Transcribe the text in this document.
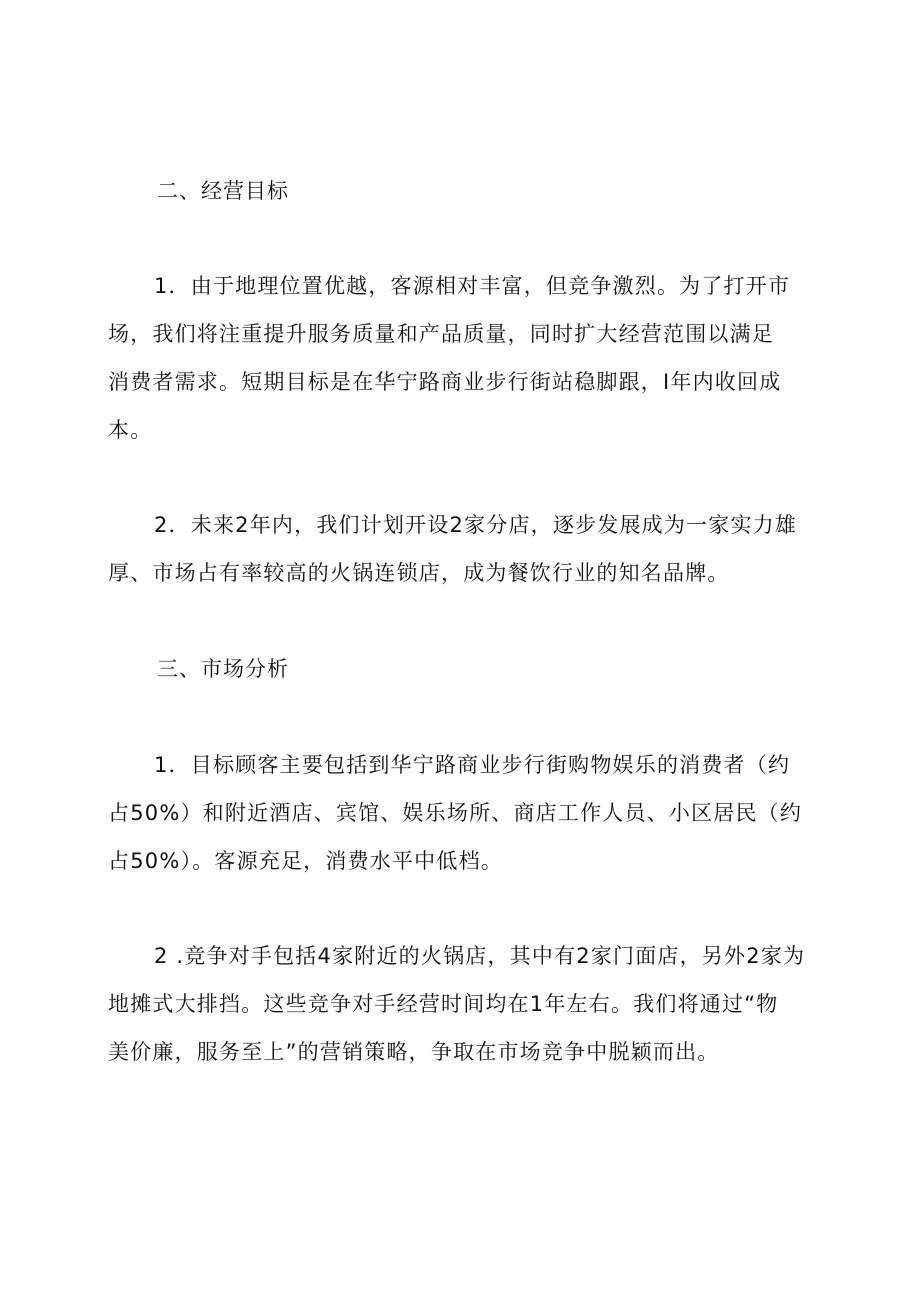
二、经营目标
1．由于地理位置优越，客源相对丰富，但竞争激烈。为了打开市
场，我们将注重提升服务质量和产品质量，同时扩大经营范围以满足
消费者需求。短期目标是在华宁路商业步行街站稳脚跟，I年内收回成
本。
2．未来2年内，我们计划开设2家分店，逐步发展成为一家实力雄
厚、市场占有率较高的火锅连锁店，成为餐饮行业的知名品牌。
三、市场分析
1．目标顾客主要包括到华宁路商业步行街购物娱乐的消费者（约
占50%）和附近酒店、宾馆、娱乐场所、商店工作人员、小区居民（约
占50%）。客源充足，消费水平中低档。
2 .竞争对手包括4家附近的火锅店，其中有2家门面店，另外2家为
地摊式大排挡。这些竞争对手经营时间均在1年左右。我们将通过“物
美价廉，服务至上”的营销策略，争取在市场竞争中脱颖而出。
